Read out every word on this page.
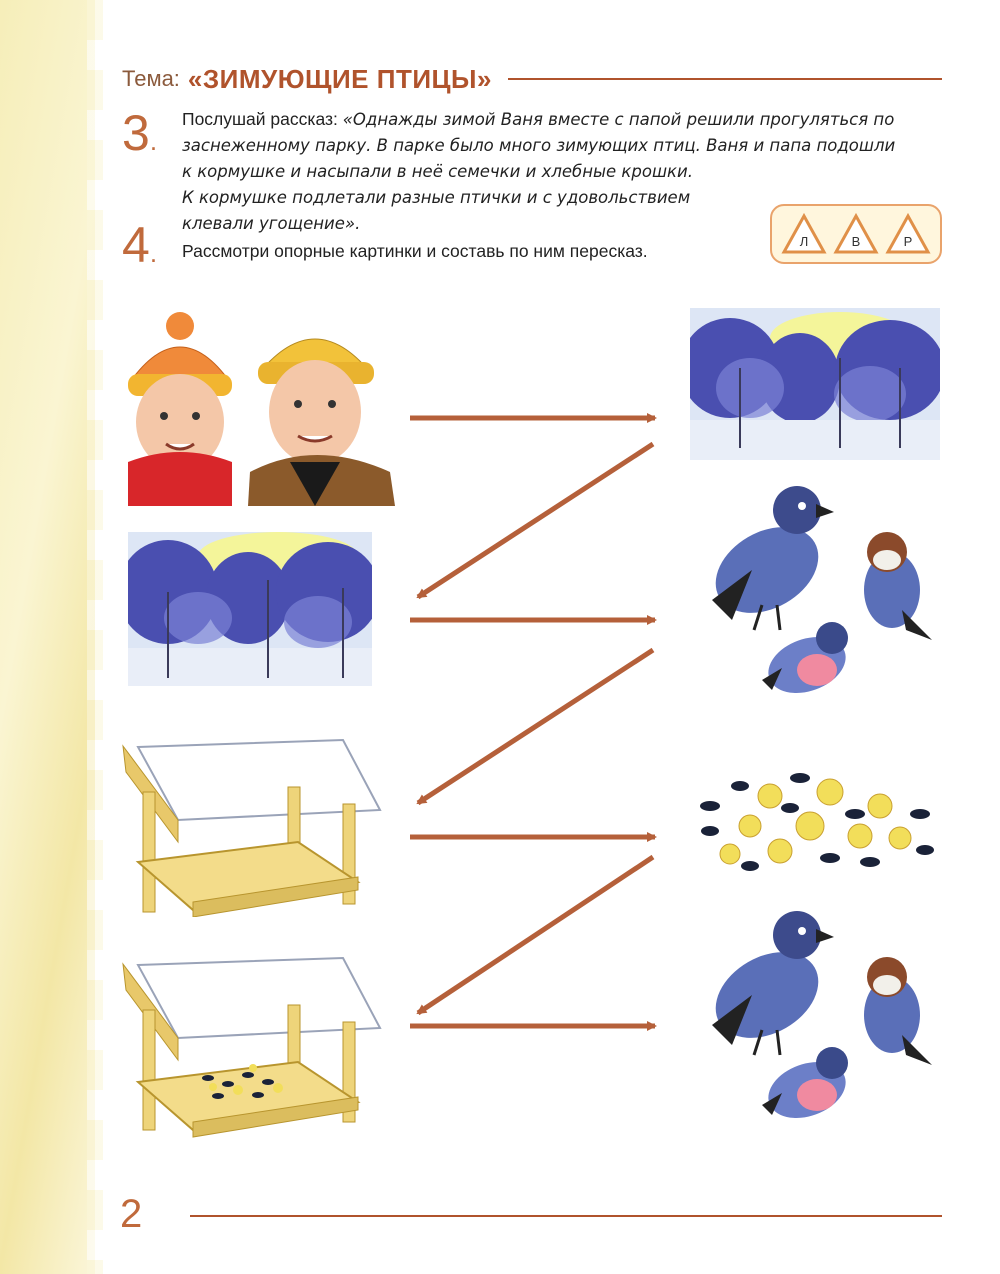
Тема: «ЗИМУЮЩИЕ ПТИЦЫ»
3.
Послушай рассказ: «Однажды зимой Ваня вместе с папой решили прогуляться по
заснеженному парку. В парке было много зимующих птиц. Ваня и папа подошли
к кормушке и насыпали в неё семечки и хлебные крошки.
К кормушке подлетали разные птички и с удовольствием
клевали угощение».
4. Рассмотри опорные картинки и составь по ним пересказ.	Л	В	Р
2
